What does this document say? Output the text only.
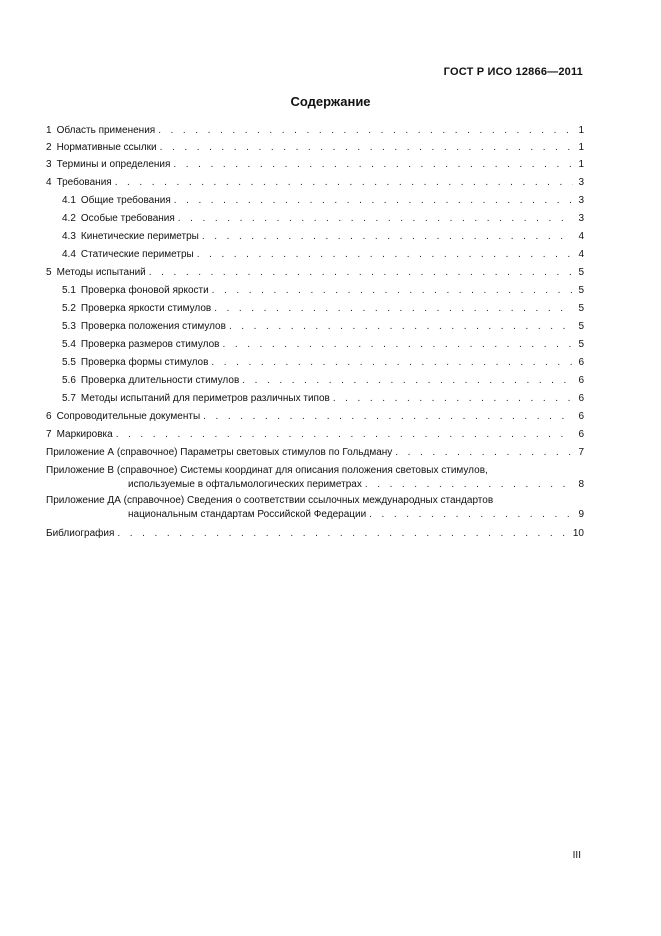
ГОСТ Р ИСО 12866—2011
Содержание
1 Область применения . . .	1
2 Нормативные ссылки . . .	1
3 Термины и определения . . .	1
4 Требования . . .	3
4.1 Общие требования . . .	3
4.2 Особые требования . . .	3
4.3 Кинетические периметры . . .	4
4.4 Статические периметры . . .	4
5 Методы испытаний . . .	5
5.1 Проверка фоновой яркости . . .	5
5.2 Проверка яркости стимулов . . .	5
5.3 Проверка положения стимулов . . .	5
5.4 Проверка размеров стимулов . . .	5
5.5 Проверка формы стимулов . . .	6
5.6 Проверка длительности стимулов . . .	6
5.7 Методы испытаний для периметров различных типов . . .	6
6 Сопроводительные документы . . .	6
7 Маркировка . . .	6
Приложение А (справочное) Параметры световых стимулов по Гольдману . . .	7
Приложение В (справочное) Системы координат для описания положения световых стимулов,
используемые в офтальмологических периметрах . . .	8
Приложение ДА (справочное) Сведения о соответствии ссылочных международных стандартов
национальным стандартам Российской Федерации . . .	9
Библиография . . .	10
III
